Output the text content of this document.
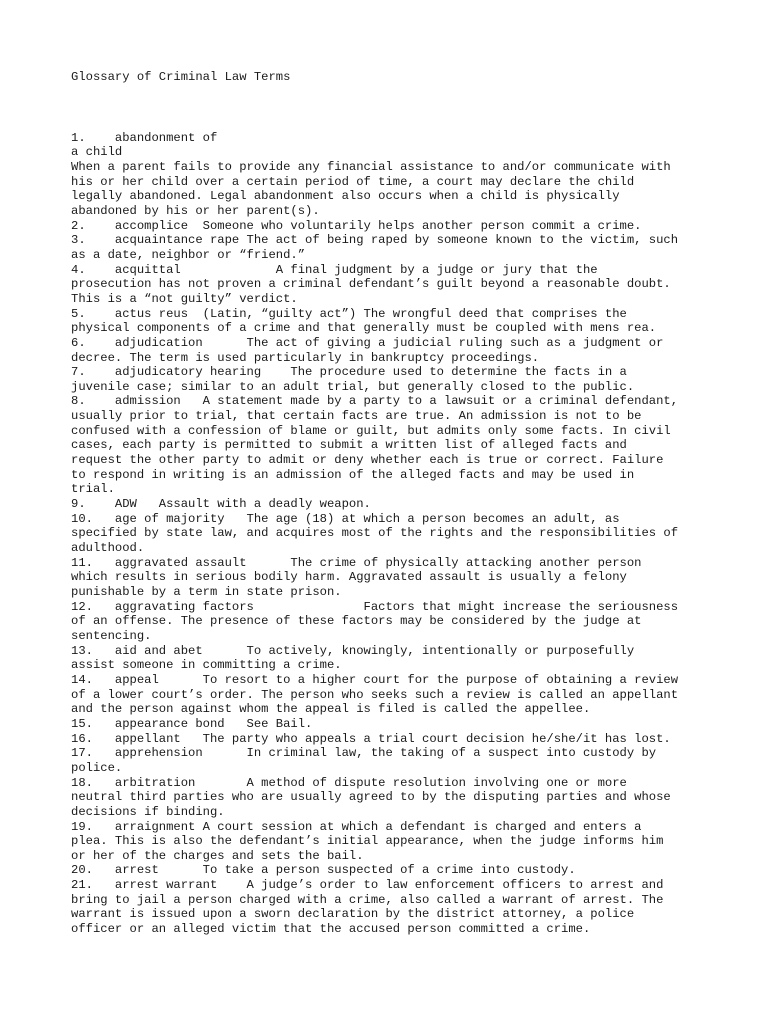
Glossary of Criminal Law Terms
1.    abandonment of
a child
When a parent fails to provide any financial assistance to and/or communicate with
his or her child over a certain period of time, a court may declare the child
legally abandoned. Legal abandonment also occurs when a child is physically
abandoned by his or her parent(s).
2.    accomplice  Someone who voluntarily helps another person commit a crime.
3.    acquaintance rape The act of being raped by someone known to the victim, such
as a date, neighbor or “friend.”
4.    acquittal             A final judgment by a judge or jury that the
prosecution has not proven a criminal defendant’s guilt beyond a reasonable doubt.
This is a “not guilty” verdict.
5.    actus reus  (Latin, “guilty act”) The wrongful deed that comprises the
physical components of a crime and that generally must be coupled with mens rea.
6.    adjudication      The act of giving a judicial ruling such as a judgment or
decree. The term is used particularly in bankruptcy proceedings.
7.    adjudicatory hearing    The procedure used to determine the facts in a
juvenile case; similar to an adult trial, but generally closed to the public.
8.    admission   A statement made by a party to a lawsuit or a criminal defendant,
usually prior to trial, that certain facts are true. An admission is not to be
confused with a confession of blame or guilt, but admits only some facts. In civil
cases, each party is permitted to submit a written list of alleged facts and
request the other party to admit or deny whether each is true or correct. Failure
to respond in writing is an admission of the alleged facts and may be used in
trial.
9.    ADW   Assault with a deadly weapon.
10.   age of majority   The age (18) at which a person becomes an adult, as
specified by state law, and acquires most of the rights and the responsibilities of
adulthood.
11.   aggravated assault      The crime of physically attacking another person
which results in serious bodily harm. Aggravated assault is usually a felony
punishable by a term in state prison.
12.   aggravating factors               Factors that might increase the seriousness
of an offense. The presence of these factors may be considered by the judge at
sentencing.
13.   aid and abet      To actively, knowingly, intentionally or purposefully
assist someone in committing a crime.
14.   appeal      To resort to a higher court for the purpose of obtaining a review
of a lower court’s order. The person who seeks such a review is called an appellant
and the person against whom the appeal is filed is called the appellee.
15.   appearance bond   See Bail.
16.   appellant   The party who appeals a trial court decision he/she/it has lost.
17.   apprehension      In criminal law, the taking of a suspect into custody by
police.
18.   arbitration       A method of dispute resolution involving one or more
neutral third parties who are usually agreed to by the disputing parties and whose
decisions if binding.
19.   arraignment A court session at which a defendant is charged and enters a
plea. This is also the defendant’s initial appearance, when the judge informs him
or her of the charges and sets the bail.
20.   arrest      To take a person suspected of a crime into custody.
21.   arrest warrant    A judge’s order to law enforcement officers to arrest and
bring to jail a person charged with a crime, also called a warrant of arrest. The
warrant is issued upon a sworn declaration by the district attorney, a police
officer or an alleged victim that the accused person committed a crime.
